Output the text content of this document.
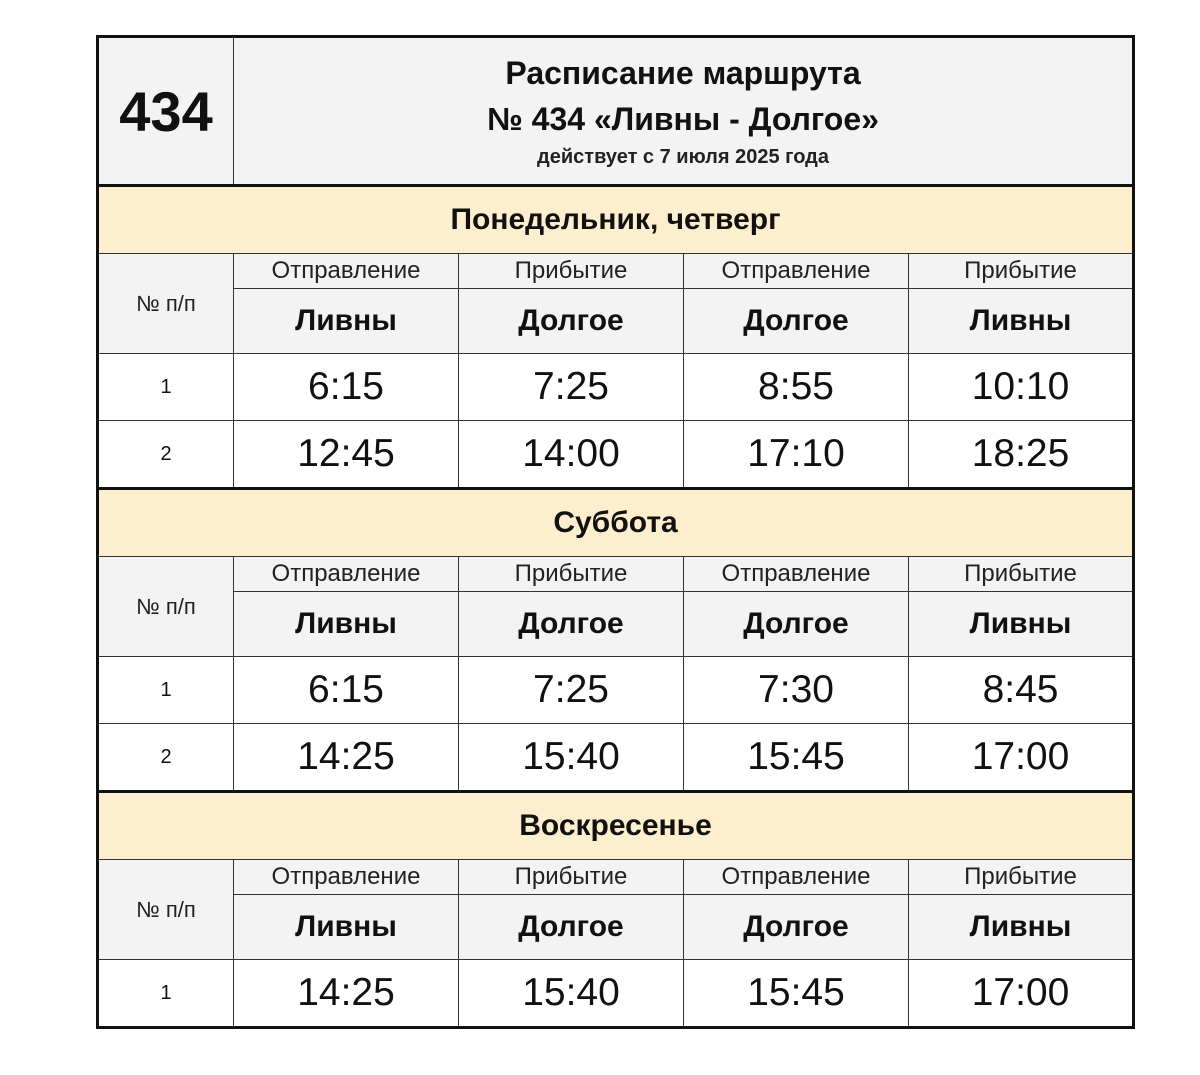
434	Расписание маршрута
№ 434 «Ливны - Долгое»
действует с 7 июля 2025 года			

Понедельник, четверг				
№ п/п	Отправление	Прибытие	Отправление	Прибытие
	Ливны	Долгое	Долгое	Ливны
1	6:15	7:25	8:55	10:10
2	12:45	14:00	17:10	18:25
Суббота				
№ п/п	Отправление	Прибытие	Отправление	Прибытие
	Ливны	Долгое	Долгое	Ливны
1	6:15	7:25	7:30	8:45
2	14:25	15:40	15:45	17:00
Воскресенье				
№ п/п	Отправление	Прибытие	Отправление	Прибытие
	Ливны	Долгое	Долгое	Ливны
1	14:25	15:40	15:45	17:00
